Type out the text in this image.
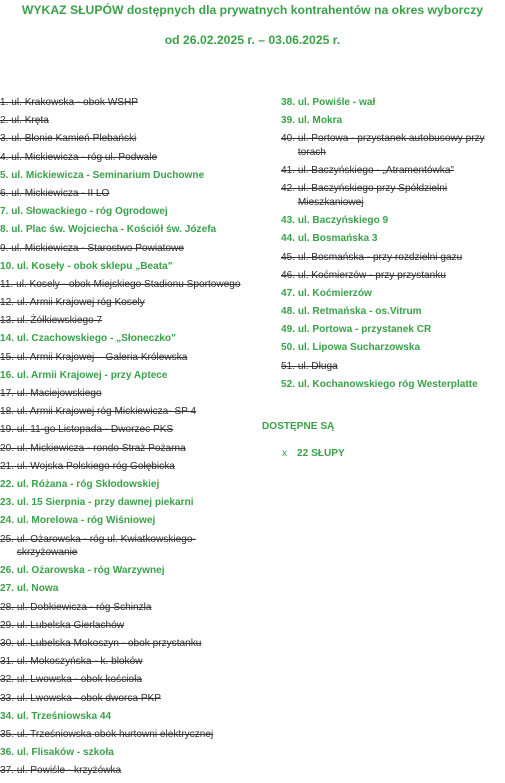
WYKAZ SŁUPÓW dostępnych dla prywatnych kontrahentów na okres wyborczy
od 26.02.2025 r. – 03.06.2025 r.
1. ul. Krakowska - obok WSHP
2. ul. Kręta
3. ul. Błonie Kamień Plebański
4. ul. Mickiewicza - róg ul. Podwale
5. ul. Mickiewicza - Seminarium Duchowne
6. ul. Mickiewicza - II LO
7. ul. Słowackiego - róg Ogrodowej
8. ul. Plac św. Wojciecha - Kościół św. Józefa
9. ul. Mickiewicza - Starostwo Powiatowe
10. ul. Koseły - obok sklepu „Beata"
11. ul. Kosely - obok Miejskiego Stadionu Sportowego
12. ul. Armii Krajowej róg Kosely
13. ul. Żółkiewskiego 7
14. ul. Czachowskiego - „Słoneczko"
15. ul. Armii Krajowej – Galeria Królewska
16. ul. Armii Krajowej - przy Aptece
17. ul. Maciejowskiego
18. ul. Armii Krajowej róg Mickiewicza- SP 4
19. ul. 11-go Listopada - Dworzec PKS
20. ul. Mickiewicza - rondo Straż Pożarna
21. ul. Wojska Polskiego róg Gołębicka
22. ul. Różana - róg Skłodowskiej
23. ul. 15 Sierpnia - przy dawnej piekarni
24. ul. Morelowa - róg Wiśniowej
25. ul. Ożarowska - róg ul. Kwiatkowskiego- skrzyżowanie
26. ul. Ożarowska - róg Warzywnej
27. ul. Nowa
28. ul. Dobkiewicza - róg Schinzla
29. ul. Lubelska Gierlachów
30. ul. Lubelska Mokoszyn - obok przystanku
31. ul. Mokoszyńska - k. bloków
32. ul. Lwowska - obok kościoła
33. ul. Lwowska - obok dworca PKP
34. ul. Trześniowska 44
35. ul. Trześniowska obok hurtowni elektrycznej
36. ul. Flisaków - szkoła
37. ul. Powiśle - krzyżówka
38. ul. Powiśle - wał
39. ul. Mokra
40. ul. Portowa - przystanek autobusowy przy torach
41. ul. Baczyńskiego - „Atramentówka"
42. ul. Baczyńskiego przy Spółdzielni Mieszkaniowej
43. ul. Baczyńskiego 9
44. ul. Bosmańska 3
45. ul. Bosmańska - przy rozdzielni gazu
46. ul. Koćmierzów - przy przystanku
47. ul. Koćmierzów
48. ul. Retmańska - os.Vitrum
49. ul. Portowa - przystanek CR
50. ul. Lipowa Sucharzowska
51. ul. Długa
52. ul. Kochanowskiego róg Westerplatte
DOSTĘPNE SĄ
x 22 SŁUPY
